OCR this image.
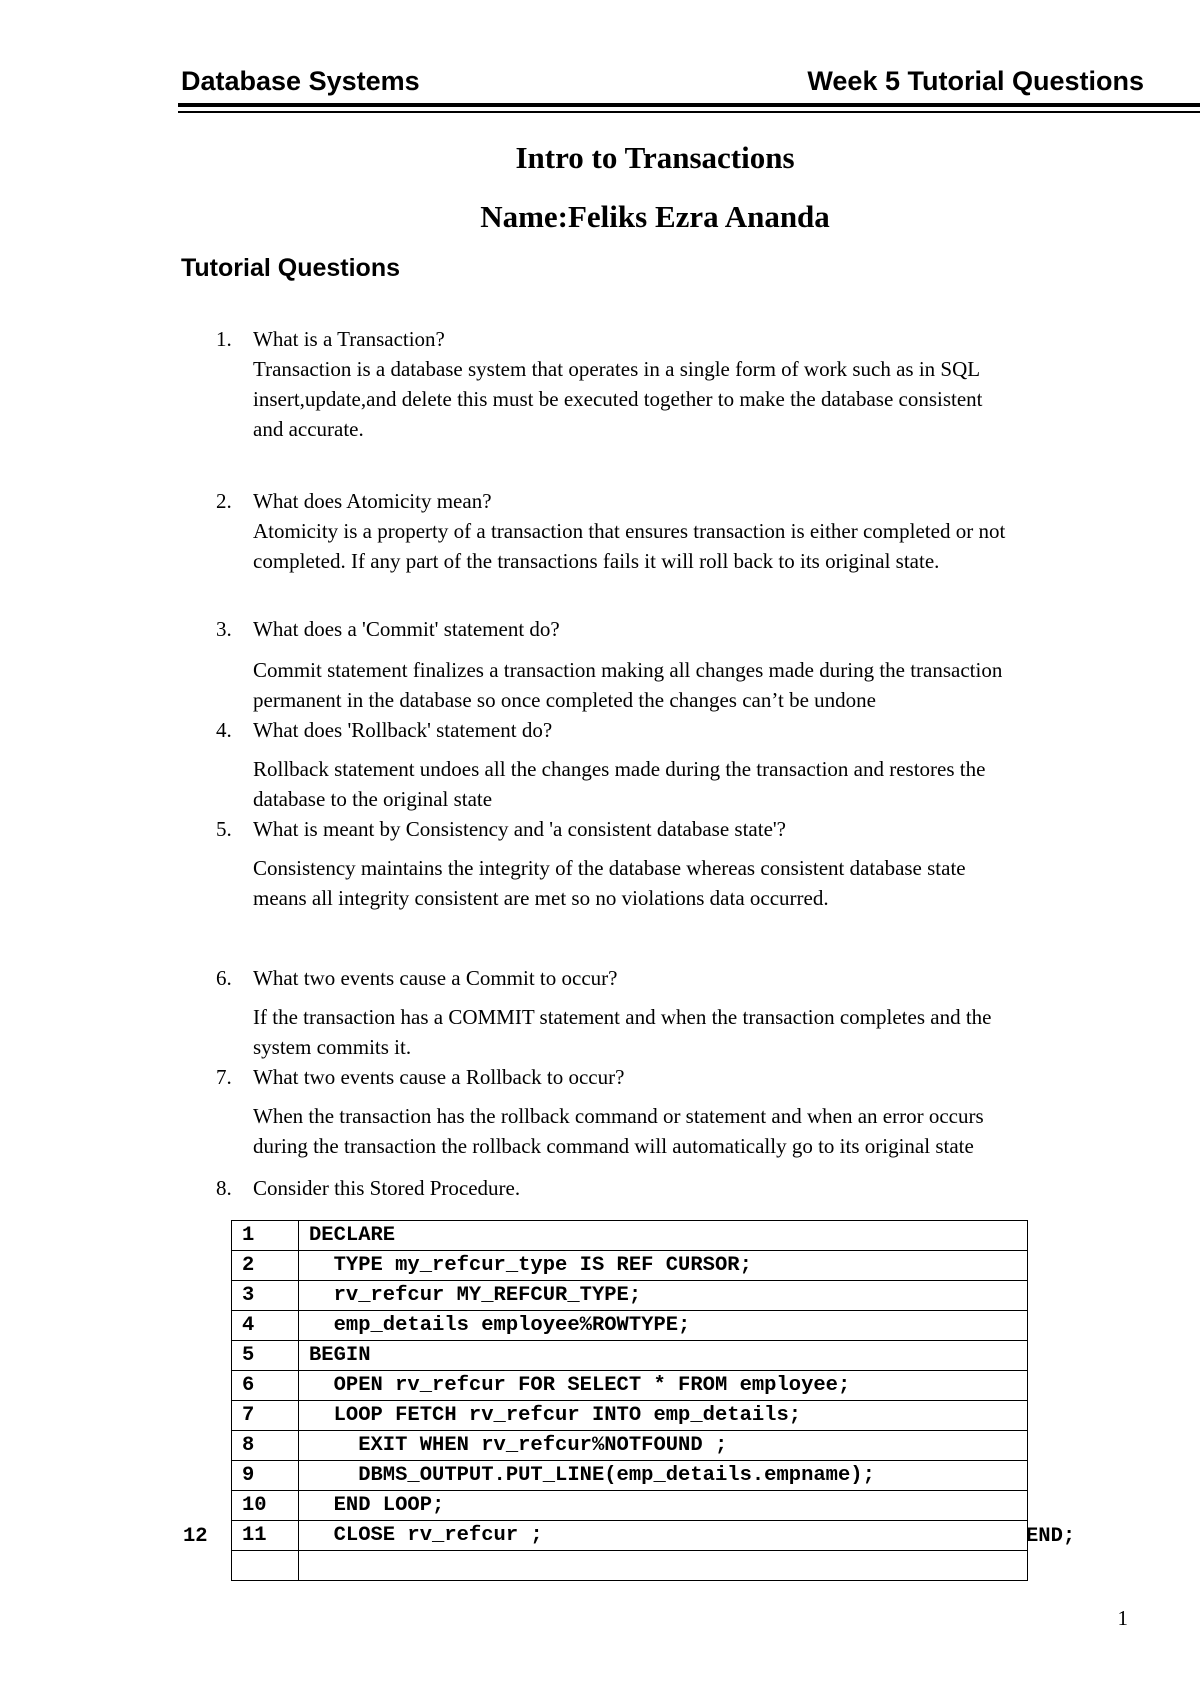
Database Systems	Week 5 Tutorial Questions
Intro to Transactions
Name:Feliks Ezra Ananda
Tutorial Questions
1. What is a Transaction?
Transaction is a database system that operates in a single form of work such as in SQL
insert,update,and delete this must be executed together to make the database consistent
and accurate.
2. What does Atomicity mean?
Atomicity is a property of a transaction that ensures transaction is either completed or not
completed. If any part of the transactions fails it will roll back to its original state.
3. What does a 'Commit' statement do?
Commit statement finalizes a transaction making all changes made during the transaction
permanent in the database so once completed the changes can’t be undone
4. What does 'Rollback' statement do?
Rollback statement undoes all the changes made during the transaction and restores the
database to the original state
5. What is meant by Consistency and 'a consistent database state'?
Consistency maintains the integrity of the database whereas consistent database state
means all integrity consistent are met so no violations data occurred.
6. What two events cause a Commit to occur?
If the transaction has a COMMIT statement and when the transaction completes and the
system commits it.
7. What two events cause a Rollback to occur?
When the transaction has the rollback command or statement and when an error occurs
during the transaction the rollback command will automatically go to its original state
8. Consider this Stored Procedure.
1	DECLARE
2	TYPE my_refcur_type IS REF CURSOR;
3	rv_refcur MY_REFCUR_TYPE;
4	emp_details employee%ROWTYPE;
5	BEGIN
6	OPEN rv_refcur FOR SELECT * FROM employee;
7	LOOP FETCH rv_refcur INTO emp_details;
8	EXIT WHEN rv_refcur%NOTFOUND ;
9	DBMS_OUTPUT.PUT_LINE(emp_details.empname);
10	END LOOP;
11	CLOSE rv_refcur ;

12	END;
1
